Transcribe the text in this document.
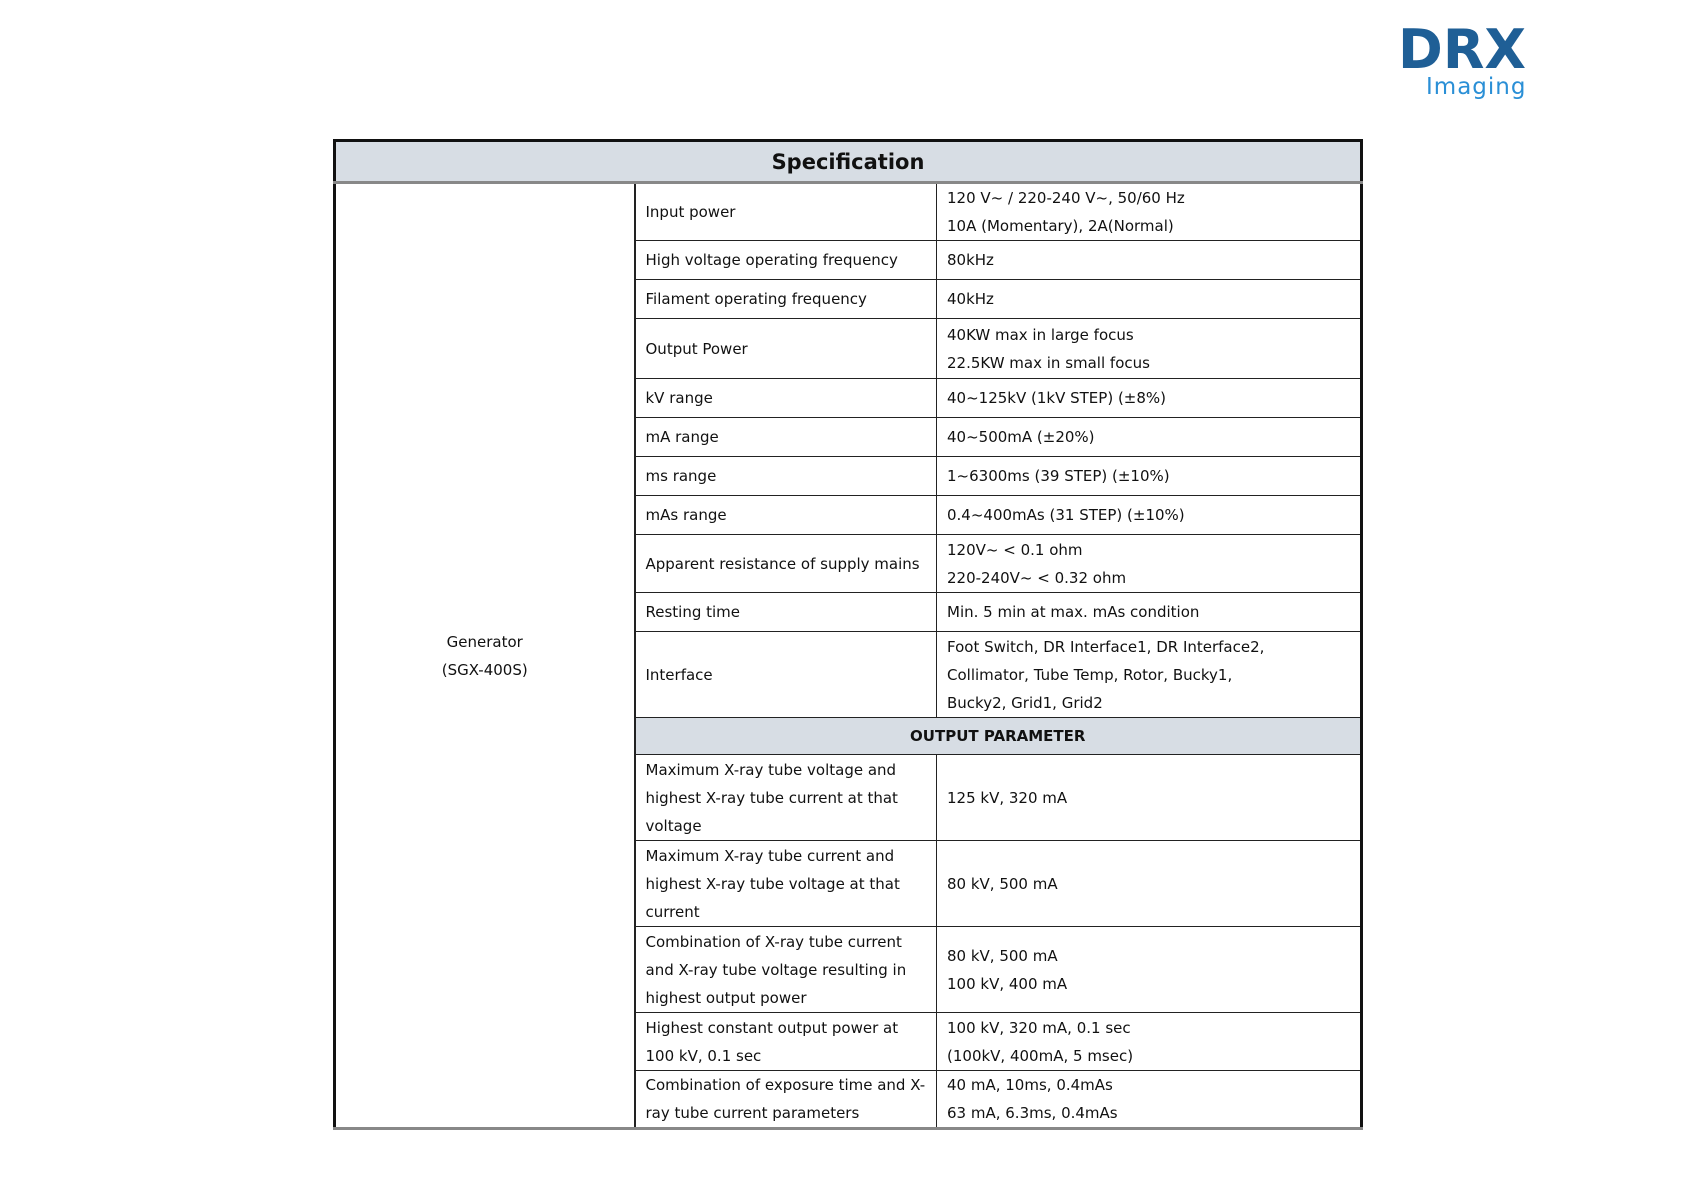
DRX
Imaging
Specification		

Generator
(SGX-400S)	Input power	120 V~ / 220-240 V~, 50/60 Hz
10A (Momentary), 2A(Normal)

	High voltage operating frequency	80kHz

	Filament operating frequency	40kHz

	Output Power	40KW max in large focus
22.5KW max in small focus

	kV range	40~125kV (1kV STEP) (±8%)

	mA range	40~500mA (±20%)

	ms range	1~6300ms (39 STEP) (±10%)

	mAs range	0.4~400mAs (31 STEP) (±10%)

	Apparent resistance of supply mains	120V~ < 0.1 ohm
220-240V~ < 0.32 ohm

	Resting time	Min. 5 min at max. mAs condition

	Interface	Foot Switch, DR Interface1, DR Interface2,
Collimator, Tube Temp, Rotor, Bucky1,
Bucky2, Grid1, Grid2

	OUTPUT PARAMETER	

	Maximum X-ray tube voltage and
highest X-ray tube current at that
voltage	125 kV, 320 mA

	Maximum X-ray tube current and
highest X-ray tube voltage at that
current	80 kV, 500 mA

	Combination of X-ray tube current
and X-ray tube voltage resulting in
highest output power	80 kV, 500 mA
100 kV, 400 mA

	Highest constant output power at
100 kV, 0.1 sec	100 kV, 320 mA, 0.1 sec
(100kV, 400mA, 5 msec)

	Combination of exposure time and X-
ray tube current parameters	40 mA, 10ms, 0.4mAs
63 mA, 6.3ms, 0.4mAs
